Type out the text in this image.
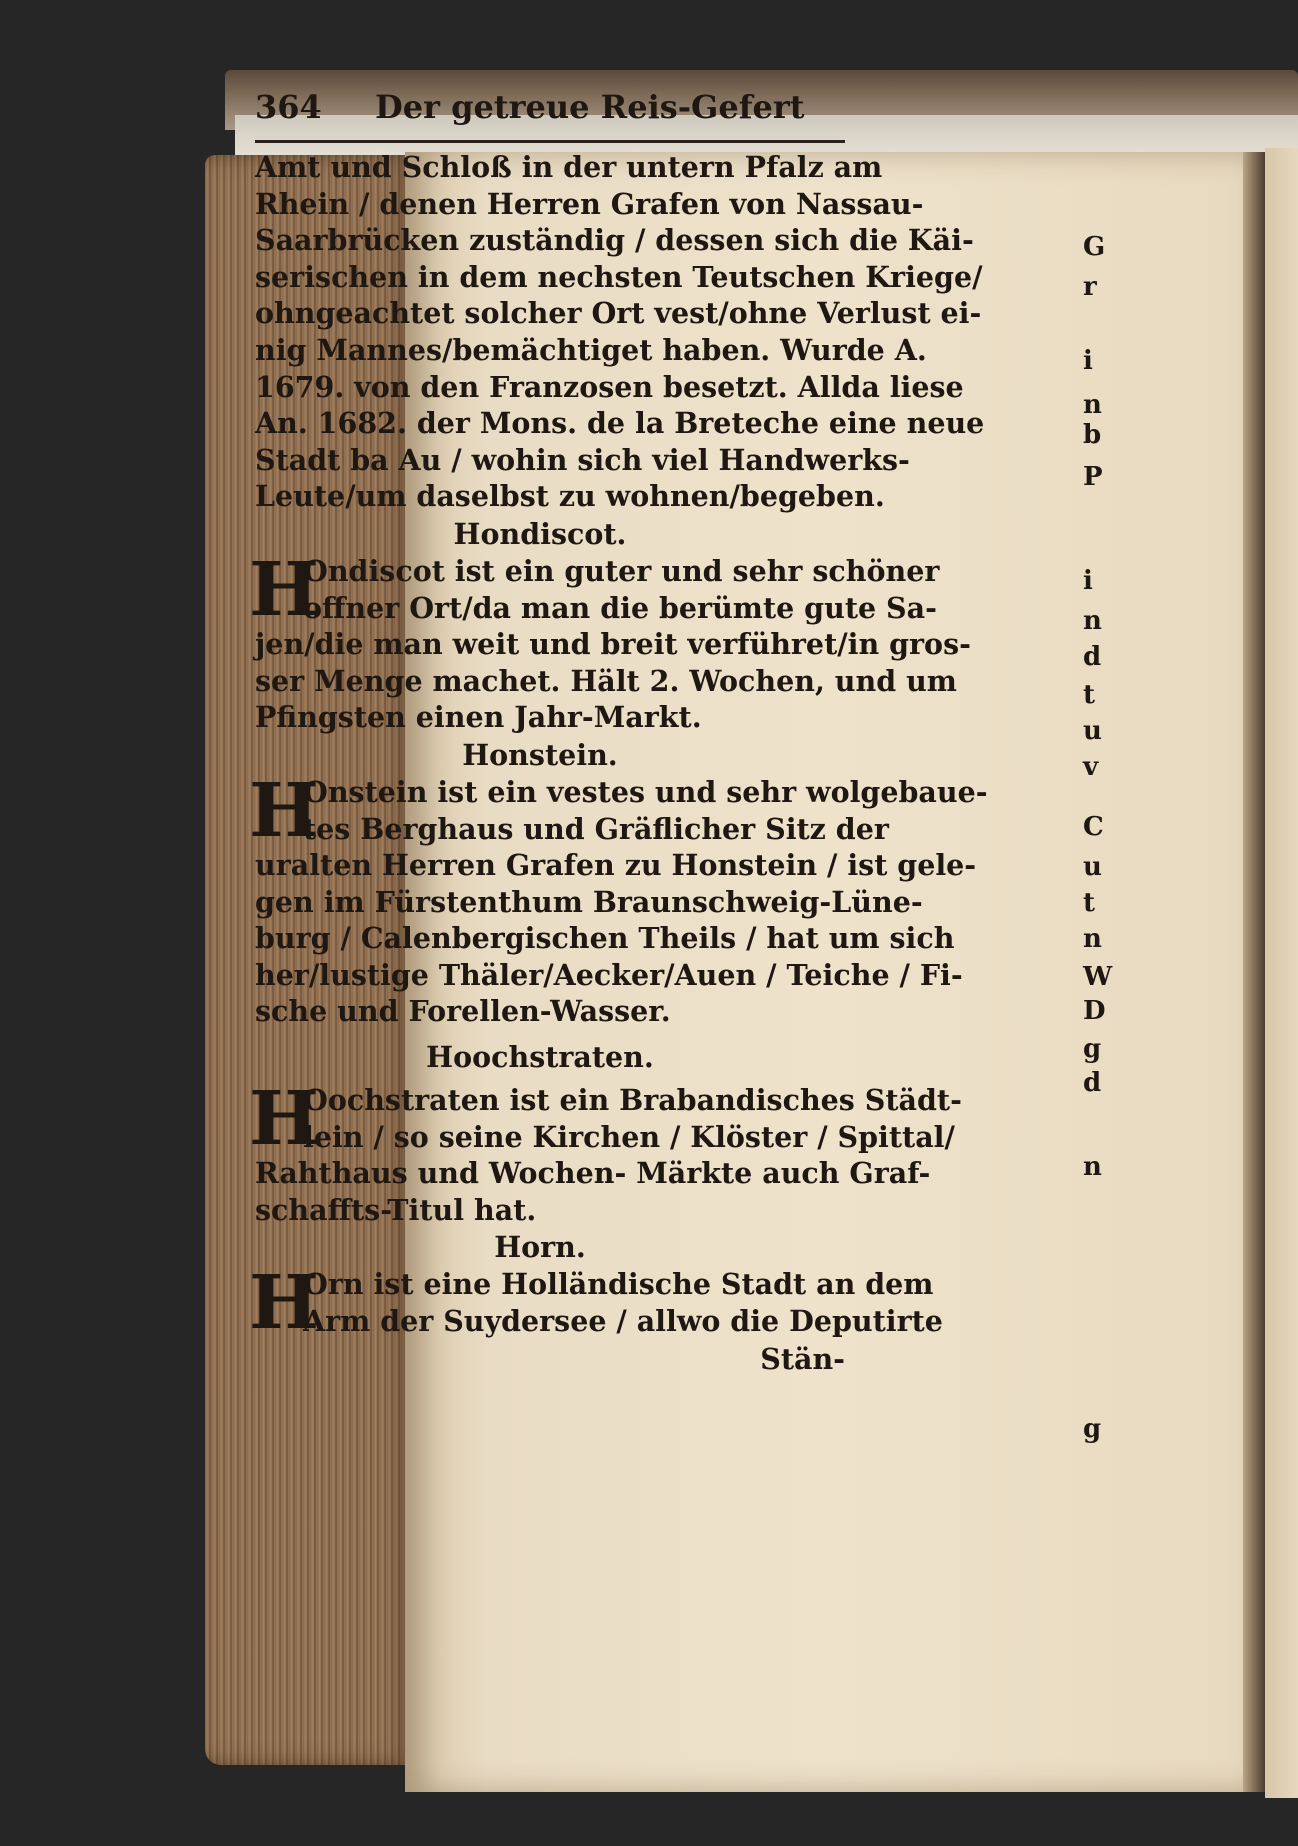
364	Der getreue Reis-Gefert
Amt und Schloß in der untern Pfalz am
Rhein / denen Herren Grafen von Nassau-
Saarbrücken zuständig / dessen sich die Käi-
serischen in dem nechsten Teutschen Kriege/
ohngeachtet solcher Ort vest/ohne Verlust ei-
nig Mannes/bemächtiget haben. Wurde A.
1679. von den Franzosen besetzt. Allda liese
An. 1682. der Mons. de la Breteche eine neue
Stadt ba Au / wohin sich viel Handwerks-
Leute/um daselbst zu wohnen/begeben.
Hondiscot.
H
Ondiscot ist ein guter und sehr schöner
offner Ort/da man die berümte gute Sa-
jen/die man weit und breit verführet/in gros-
ser Menge machet. Hält 2. Wochen, und um
Pfingsten einen Jahr-Markt.
Honstein.
H
Onstein ist ein vestes und sehr wolgebaue-
tes Berghaus und Gräflicher Sitz der
uralten Herren Grafen zu Honstein / ist gele-
gen im Fürstenthum Braunschweig-Lüne-
burg / Calenbergischen Theils / hat um sich
her/lustige Thäler/Aecker/Auen / Teiche / Fi-
sche und Forellen-Wasser.
Hoochstraten.
H
Oochstraten ist ein Brabandisches Städt-
lein / so seine Kirchen / Klöster / Spittal/
Rahthaus und Wochen- Märkte auch Graf-
schaffts-Titul hat.
Horn.
H
Orn ist eine Holländische Stadt an dem
Arm der Suydersee / allwo die Deputirte
Stän-
G
r
i
n
b
P
i
n
d
t
u
v
C
u
t
n
W
D
g
d
n
g
